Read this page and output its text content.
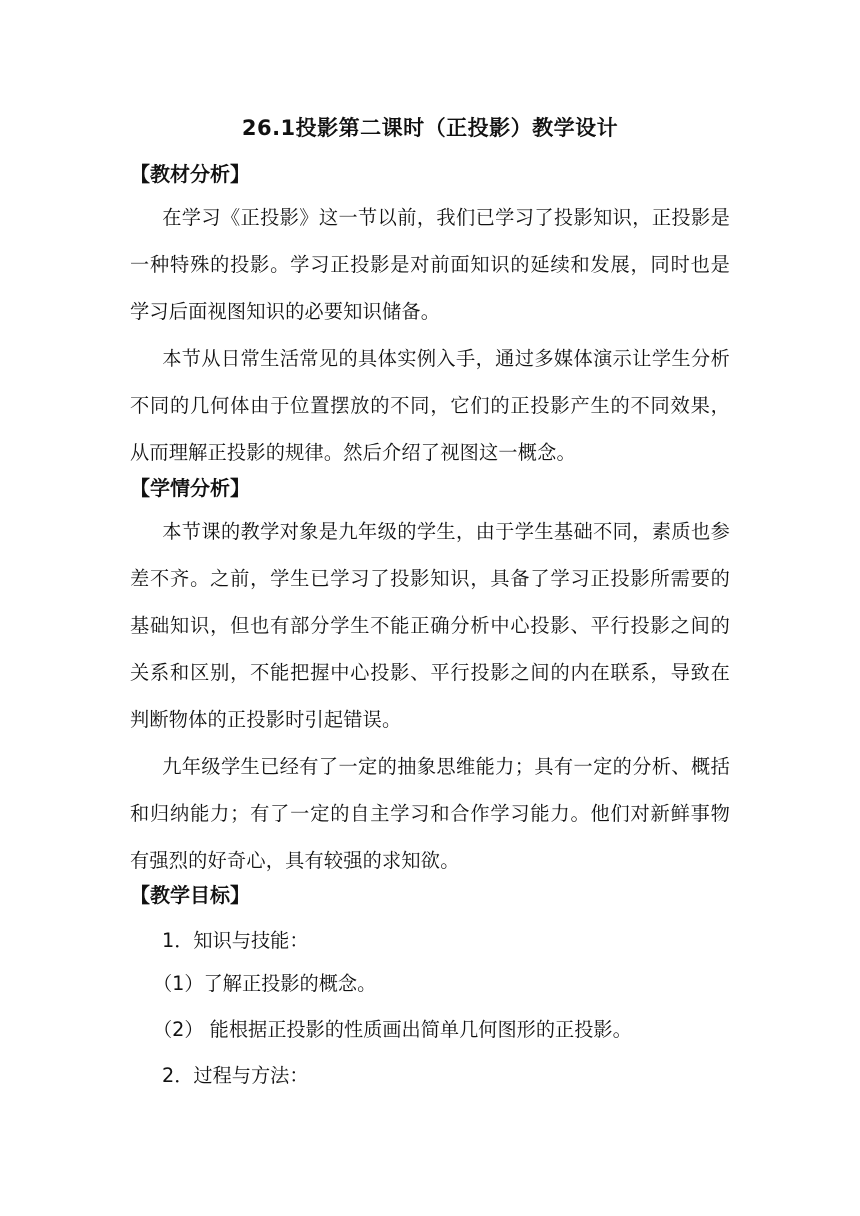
26.1投影第二课时（正投影）教学设计
【教材分析】
在学习《正投影》这一节以前，我们已学习了投影知识，正投影是一种特殊的投影。学习正投影是对前面知识的延续和发展，同时也是学习后面视图知识的必要知识储备。
本节从日常生活常见的具体实例入手，通过多媒体演示让学生分析不同的几何体由于位置摆放的不同，它们的正投影产生的不同效果，从而理解正投影的规律。然后介绍了视图这一概念。
【学情分析】
本节课的教学对象是九年级的学生，由于学生基础不同，素质也参差不齐。之前，学生已学习了投影知识，具备了学习正投影所需要的基础知识，但也有部分学生不能正确分析中心投影、平行投影之间的关系和区别，不能把握中心投影、平行投影之间的内在联系，导致在判断物体的正投影时引起错误。
九年级学生已经有了一定的抽象思维能力；具有一定的分析、概括和归纳能力；有了一定的自主学习和合作学习能力。他们对新鲜事物有强烈的好奇心，具有较强的求知欲。
【教学目标】
1．知识与技能：
（1）了解正投影的概念。
（2） 能根据正投影的性质画出简单几何图形的正投影。
2．过程与方法：
